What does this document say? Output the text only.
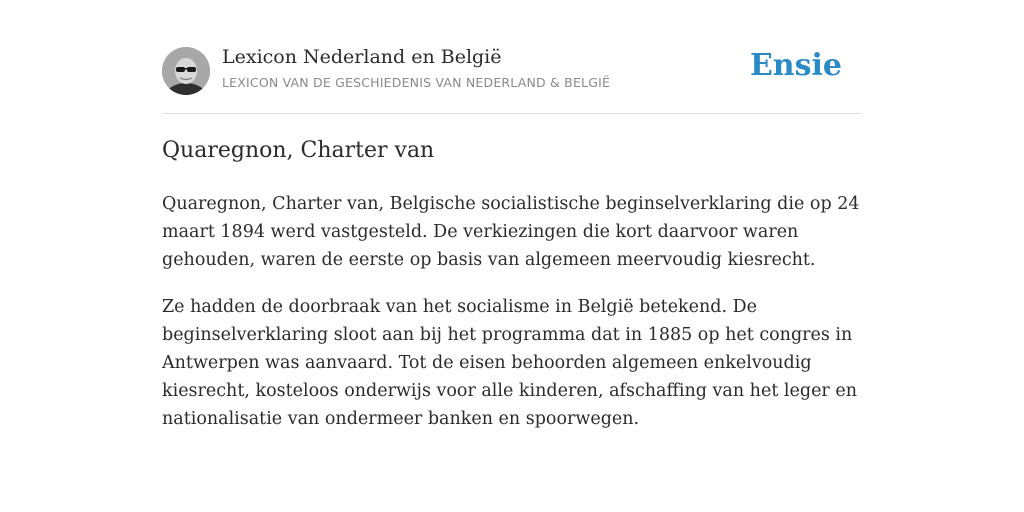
Lexicon Nederland en België
LEXICON VAN DE GESCHIEDENIS VAN NEDERLAND & BELGIË	Ensie
Quaregnon, Charter van

Quaregnon, Charter van, Belgische socialistische beginselverklaring die op 24 maart 1894 werd vastgesteld. De verkiezingen die kort daarvoor waren gehouden, waren de eerste op basis van algemeen meervoudig kiesrecht.

Ze hadden de doorbraak van het socialisme in België betekend. De beginselverklaring sloot aan bij het programma dat in 1885 op het congres in Antwerpen was aanvaard. Tot de eisen behoorden algemeen enkelvoudig kiesrecht, kosteloos onderwijs voor alle kinderen, afschaffing van het leger en nationalisatie van ondermeer banken en spoorwegen.
